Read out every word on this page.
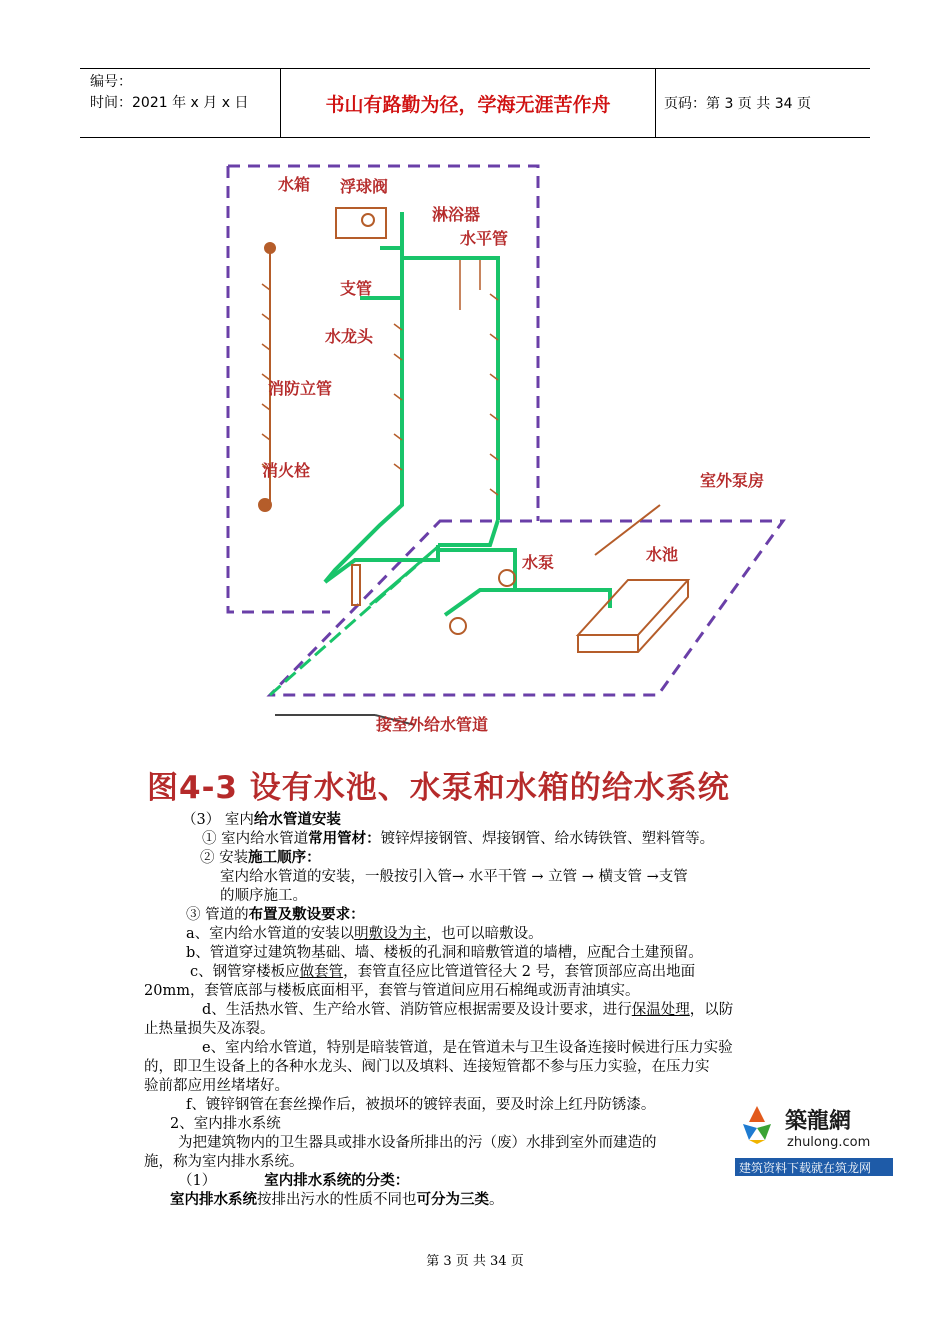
编号：
时间：2021 年 x 月 x 日	书山有路勤为径，学海无涯苦作舟	页码：第 3 页 共 34 页
水箱 浮球阀
淋浴器
水平管
支管
水龙头
消防立管
消火栓
室外泵房
水泵	水池
接室外给水管道
图4-3 设有水池、水泵和水箱的给水系统

（3） 室内给水管道安装

① 室内给水管道常用管材：镀锌焊接钢管、焊接钢管、给水铸铁管、塑料管等。

② 安装施工顺序：

室内给水管道的安装，一般按引入管→ 水平干管 → 立管 → 横支管 →支管

的顺序施工。

③ 管道的布置及敷设要求：

a、室内给水管道的安装以明敷设为主，也可以暗敷设。

b、管道穿过建筑物基础、墙、楼板的孔洞和暗敷管道的墙槽，应配合土建预留。

c、钢管穿楼板应做套管，套管直径应比管道管径大 2 号，套管顶部应高出地面

20mm，套管底部与楼板底面相平，套管与管道间应用石棉绳或沥青油填实。

d、生活热水管、生产给水管、消防管应根据需要及设计要求，进行保温处理，以防

止热量损失及冻裂。

e、室内给水管道，特别是暗装管道，是在管道未与卫生设备连接时候进行压力实验

的，即卫生设备上的各种水龙头、阀门以及填料、连接短管都不参与压力实验，在压力实

验前都应用丝堵堵好。

f、镀锌钢管在套丝操作后，被损坏的镀锌表面，要及时涂上红丹防锈漆。

2、室内排水系统

为把建筑物内的卫生器具或排水设备所排出的污（废）水排到室外而建造的

施，称为室内排水系统。

（1）	室内排水系统的分类：

室内排水系统按排出污水的性质不同也可分为三类。

築龍網
zhulong.com
建筑资料下载就在筑龙网
第 3 页 共 34 页
